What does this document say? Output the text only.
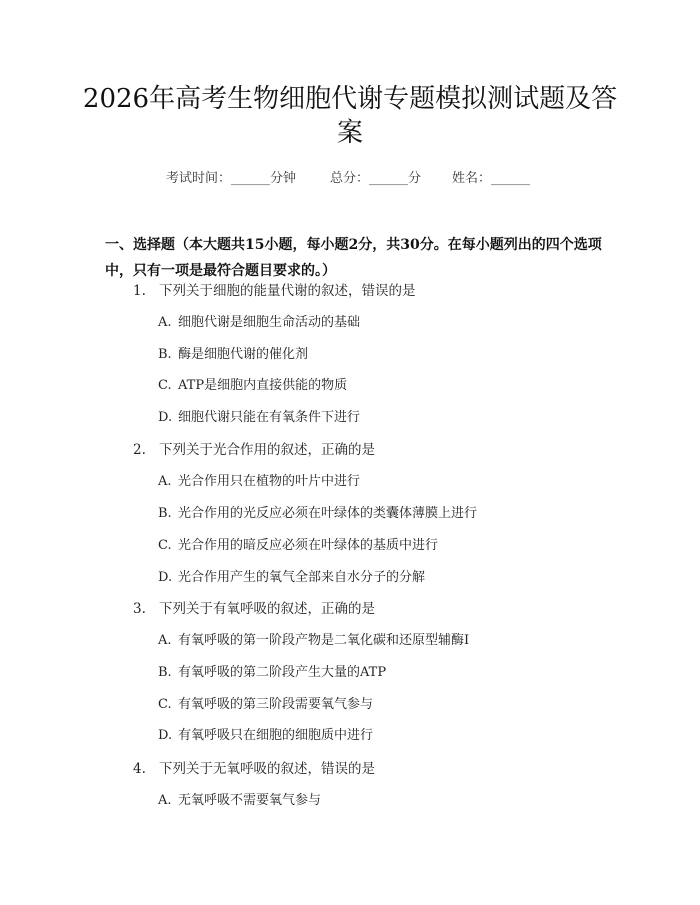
2026年高考生物细胞代谢专题模拟测试题及答案
考试时间：______分钟	总分：______分 姓名：______

一、选择题（本大题共15小题，每小题2分，共30分。在每小题列出的四个选项中，只有一项是最符合题目要求的。）

1. 下列关于细胞的能量代谢的叙述，错误的是
A. 细胞代谢是细胞生命活动的基础
B. 酶是细胞代谢的催化剂
C. ATP是细胞内直接供能的物质
D. 细胞代谢只能在有氧条件下进行
2. 下列关于光合作用的叙述，正确的是
A. 光合作用只在植物的叶片中进行
B. 光合作用的光反应必须在叶绿体的类囊体薄膜上进行
C. 光合作用的暗反应必须在叶绿体的基质中进行
D. 光合作用产生的氧气全部来自水分子的分解
3. 下列关于有氧呼吸的叙述，正确的是
A. 有氧呼吸的第一阶段产物是二氧化碳和还原型辅酶I
B. 有氧呼吸的第二阶段产生大量的ATP
C. 有氧呼吸的第三阶段需要氧气参与
D. 有氧呼吸只在细胞的细胞质中进行
4. 下列关于无氧呼吸的叙述，错误的是
A. 无氧呼吸不需要氧气参与
